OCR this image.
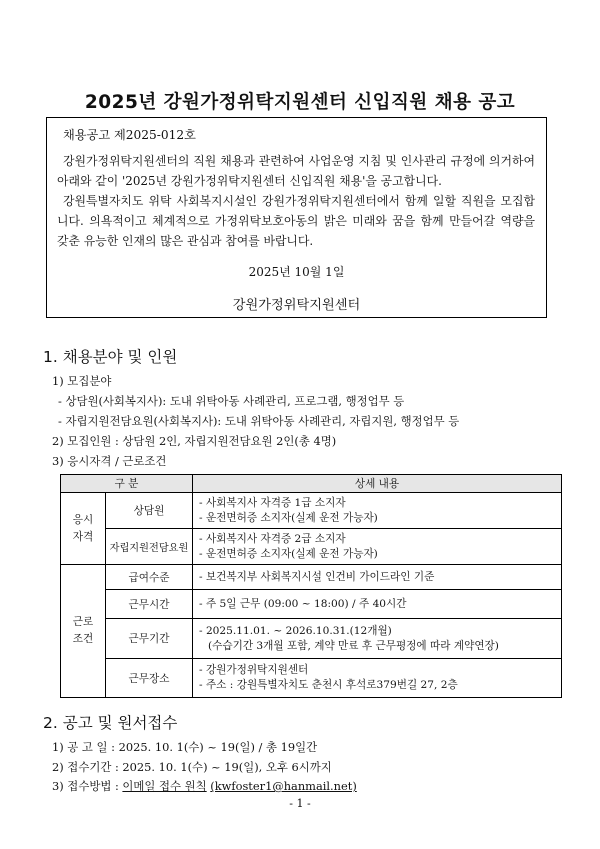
2025년 강원가정위탁지원센터 신입직원 채용 공고
채용공고 제2025-012호

강원가정위탁지원센터의 직원 채용과 관련하여 사업운영 지침 및 인사관리 규정에 의거하여 아래와 같이 '2025년 강원가정위탁지원센터 신입직원 채용'을 공고합니다.

강원특별자치도 위탁 사회복지시설인 강원가정위탁지원센터에서 함께 일할 직원을 모집합니다. 의욕적이고 체계적으로 가정위탁보호아동의 밝은 미래와 꿈을 함께 만들어갈 역량을 갖춘 유능한 인재의 많은 관심과 참여를 바랍니다.

2025년 10월 1일
강원가정위탁지원센터
1. 채용분야 및 인원
1) 모집분야
- 상담원(사회복지사): 도내 위탁아동 사례관리, 프로그램, 행정업무 등
- 자립지원전담요원(사회복지사): 도내 위탁아동 사례관리, 자립지원, 행정업무 등
2) 모집인원 : 상담원 2인, 자립지원전담요원 2인(총 4명)
3) 응시자격 / 근로조건
구 분		상세 내용
응시
자격	상담원	- 사회복지사 자격증 1급 소지자
- 운전면허증 소지자(실제 운전 가능자)

	자립지원전담요원	- 사회복지사 자격증 2급 소지자
- 운전면허증 소지자(실제 운전 가능자)

근로
조건	급여수준	- 보건복지부 사회복지시설 인건비 가이드라인 기준

	근무시간	- 주 5일 근무 (09:00 ~ 18:00) / 주 40시간

	근무기간	- 2025.11.01. ~ 2026.10.31.(12개월)
(수습기간 3개월 포함, 계약 만료 후 근무평정에 따라 계약연장)

	근무장소	- 강원가정위탁지원센터
- 주소 : 강원특별자치도 춘천시 후석로379번길 27, 2층
2. 공고 및 원서접수
1) 공 고 일 : 2025. 10. 1(수) ~ 19(일) / 총 19일간
2) 접수기간 : 2025. 10. 1(수) ~ 19(일), 오후 6시까지
3) 접수방법 : 이메일 접수 원칙 (kwfoster1@hanmail.net)
- 1 -
